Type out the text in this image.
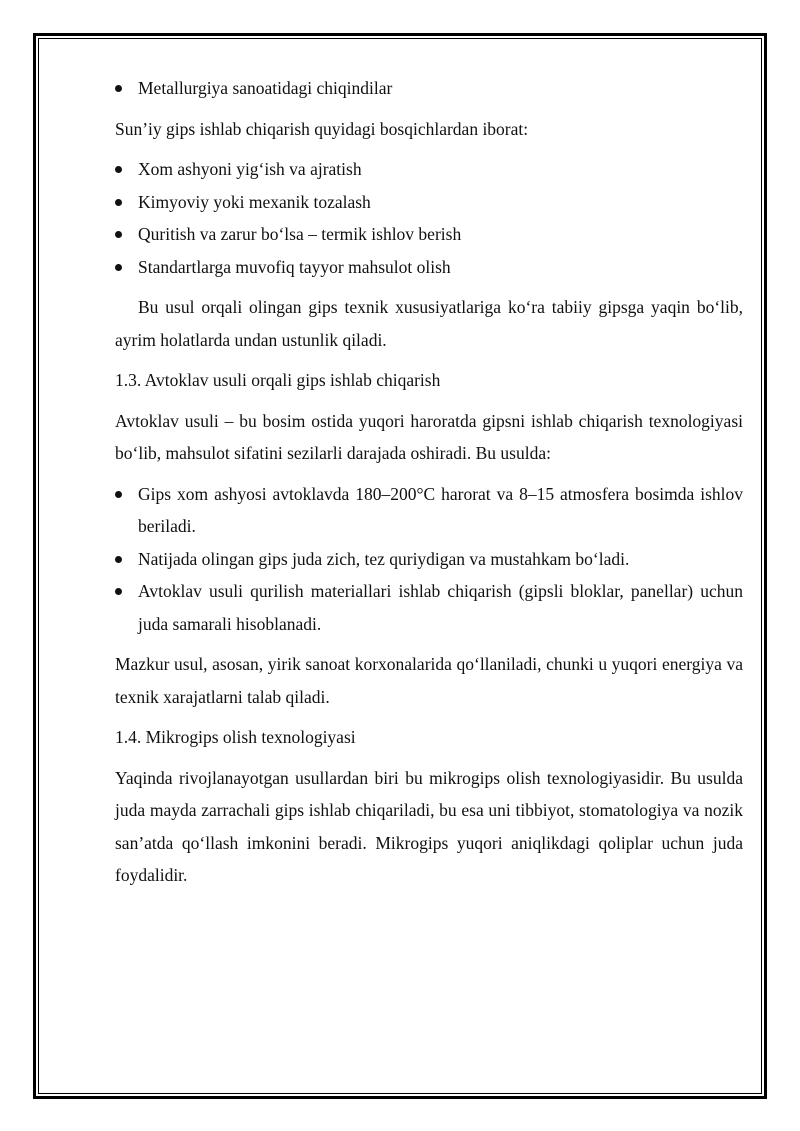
Metallurgiya sanoatidagi chiqindilar

Sun’iy gips ishlab chiqarish quyidagi bosqichlardan iborat:

Xom ashyoni yig‘ish va ajratish
Kimyoviy yoki mexanik tozalash
Quritish va zarur bo‘lsa – termik ishlov berish
Standartlarga muvofiq tayyor mahsulot olish

Bu usul orqali olingan gips texnik xususiyatlariga ko‘ra tabiiy gipsga yaqin bo‘lib, ayrim holatlarda undan ustunlik qiladi.

1.3. Avtoklav usuli orqali gips ishlab chiqarish

Avtoklav usuli – bu bosim ostida yuqori haroratda gipsni ishlab chiqarish texnologiyasi bo‘lib, mahsulot sifatini sezilarli darajada oshiradi. Bu usulda:

Gips xom ashyosi avtoklavda 180–200°C harorat va 8–15 atmosfera bosimda ishlov beriladi.
Natijada olingan gips juda zich, tez quriydigan va mustahkam bo‘ladi.
Avtoklav usuli qurilish materiallari ishlab chiqarish (gipsli bloklar, panellar) uchun juda samarali hisoblanadi.

Mazkur usul, asosan, yirik sanoat korxonalarida qo‘llaniladi, chunki u yuqori energiya va texnik xarajatlarni talab qiladi.

1.4. Mikrogips olish texnologiyasi

Yaqinda rivojlanayotgan usullardan biri bu mikrogips olish texnologiyasidir. Bu usulda juda mayda zarrachali gips ishlab chiqariladi, bu esa uni tibbiyot, stomatologiya va nozik san’atda qo‘llash imkonini beradi. Mikrogips yuqori aniqlikdagi qoliplar uchun juda foydalidir.
